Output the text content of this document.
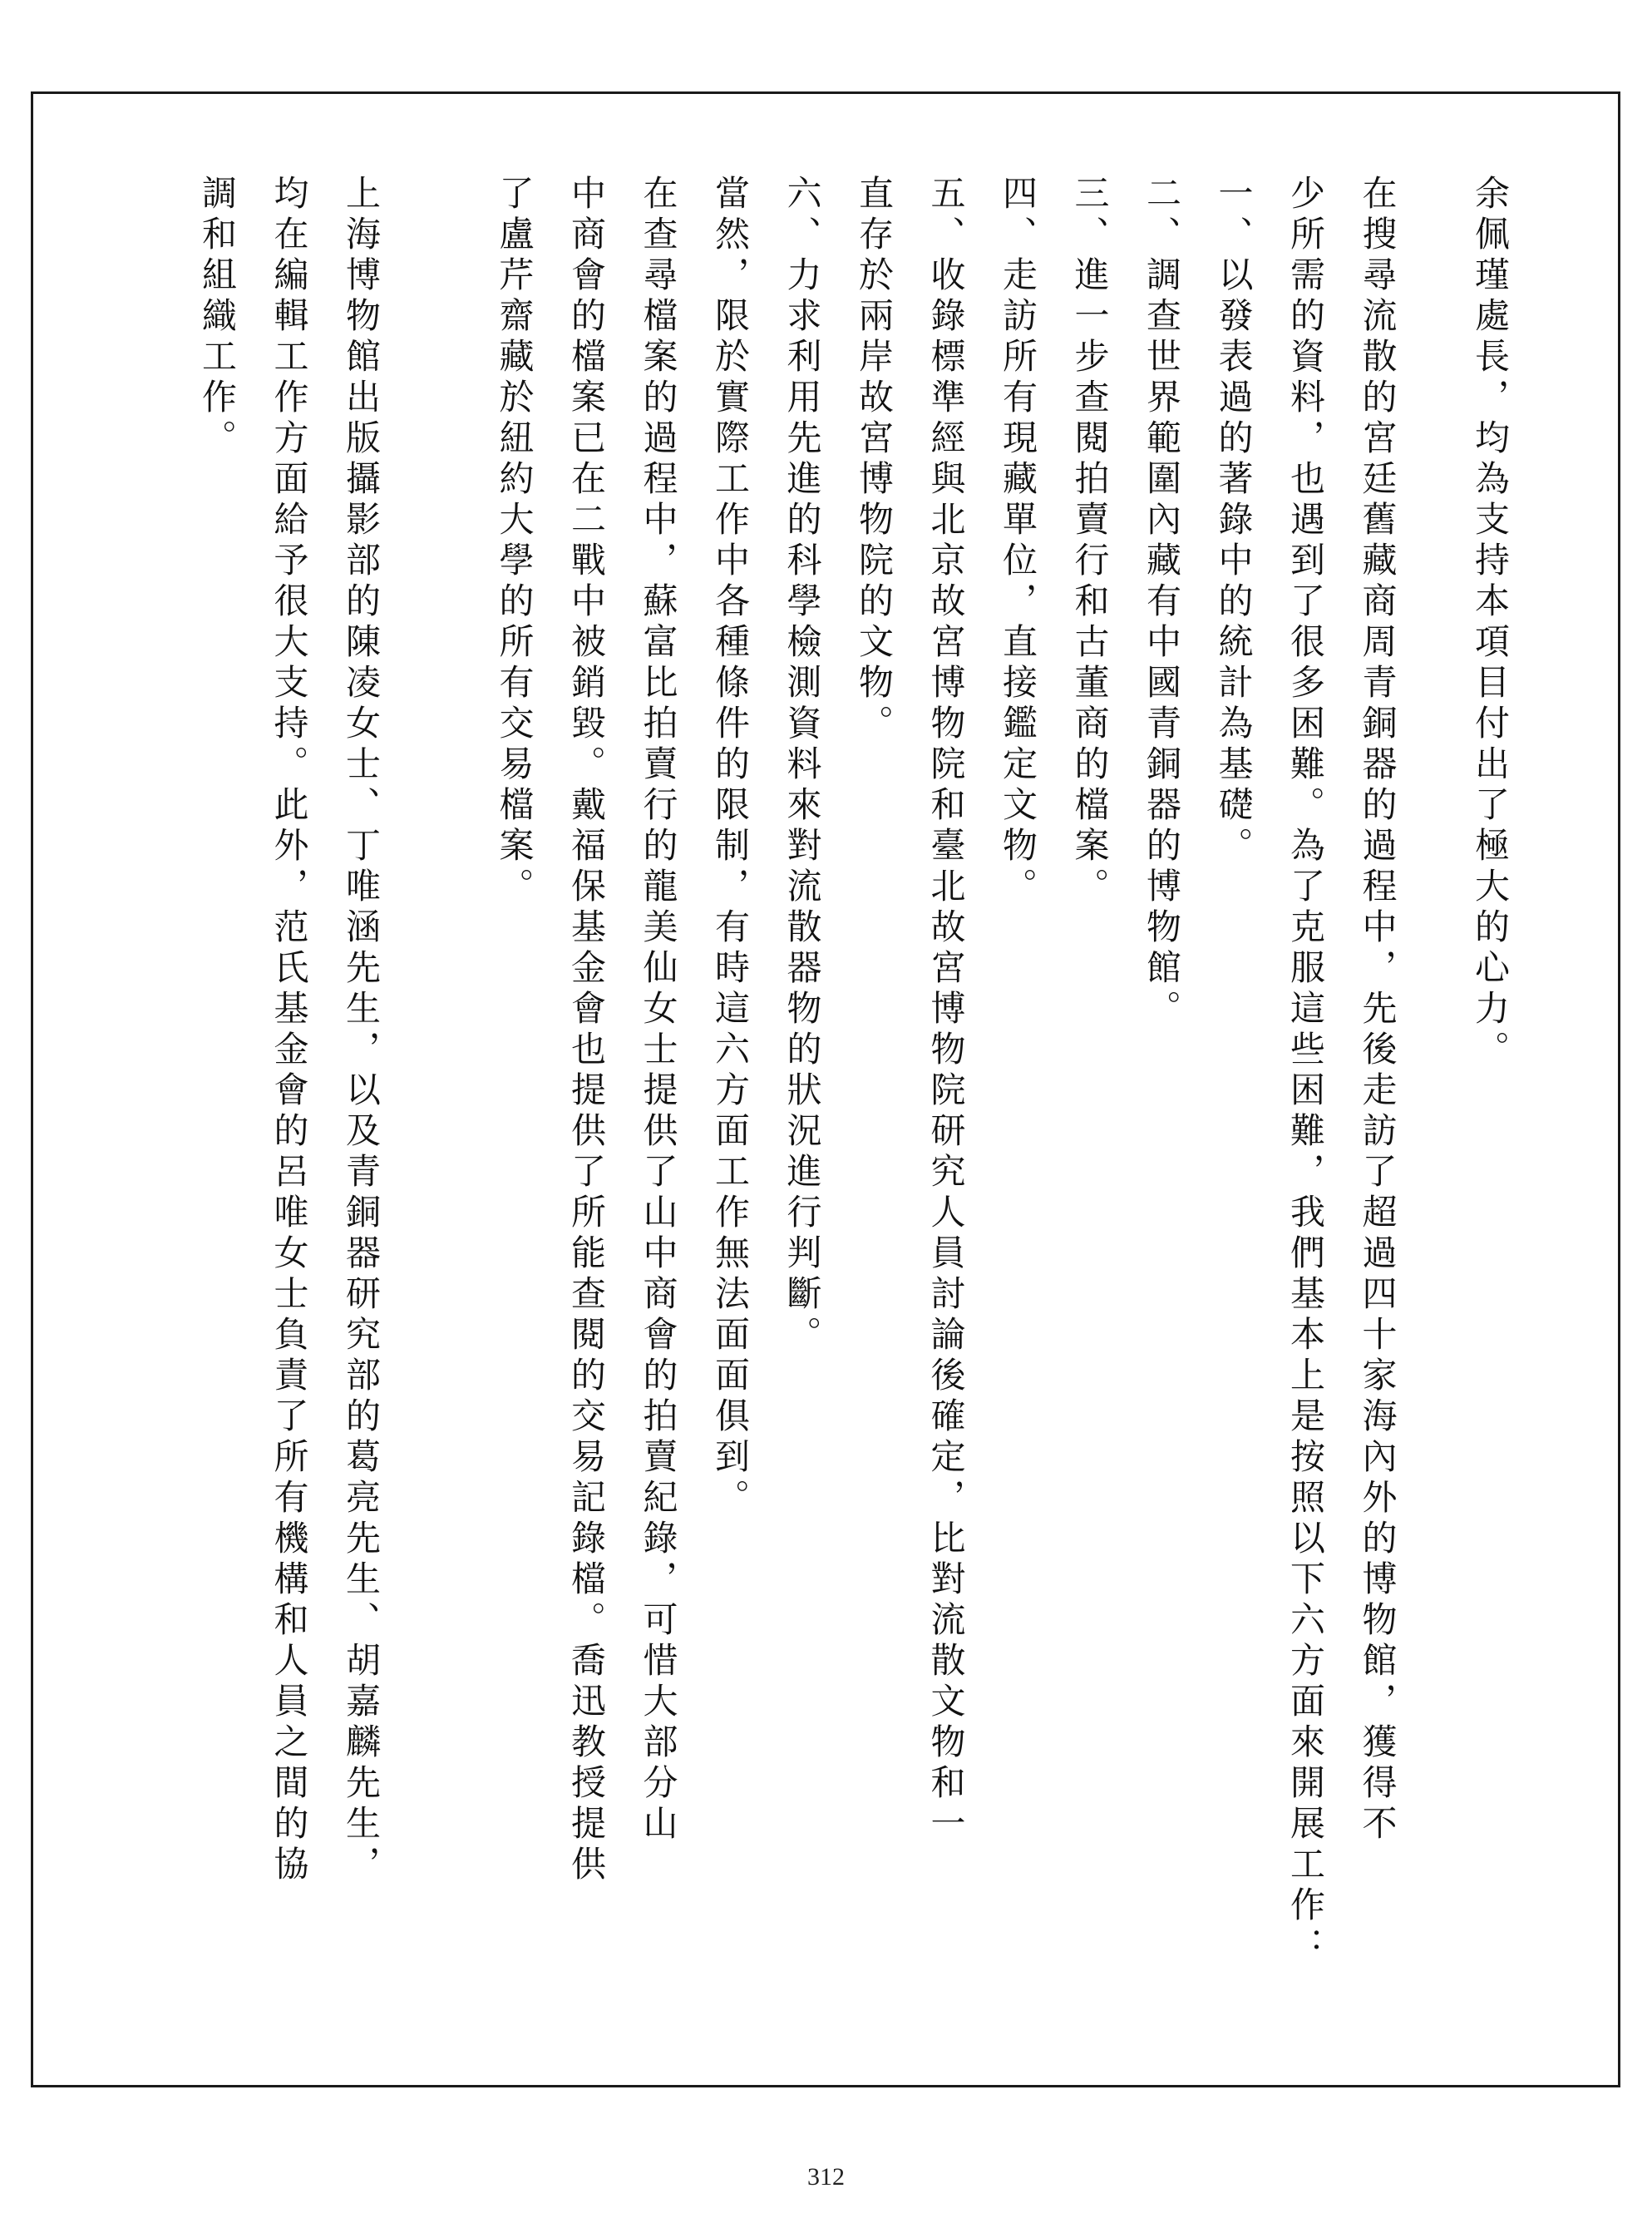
余佩瑾處長，均為支持本項目付出了極大的心力。

在搜尋流散的宮廷舊藏商周青銅器的過程中，先後走訪了超過四十家海內外的博物館，獲得不

少所需的資料，也遇到了很多困難。為了克服這些困難，我們基本上是按照以下六方面來開展工作：

一、以發表過的著錄中的統計為基礎。

二、調查世界範圍內藏有中國青銅器的博物館。

三、進一步查閱拍賣行和古董商的檔案。

四、走訪所有現藏單位，直接鑑定文物。

五、收錄標準經與北京故宮博物院和臺北故宮博物院研究人員討論後確定，比對流散文物和一

直存於兩岸故宮博物院的文物。

六、力求利用先進的科學檢測資料來對流散器物的狀況進行判斷。

當然，限於實際工作中各種條件的限制，有時這六方面工作無法面面俱到。

在查尋檔案的過程中，蘇富比拍賣行的龍美仙女士提供了山中商會的拍賣紀錄，可惜大部分山

中商會的檔案已在二戰中被銷毀。戴福保基金會也提供了所能查閱的交易記錄檔。喬迅教授提供

了盧芹齋藏於紐約大學的所有交易檔案。

上海博物館出版攝影部的陳凌女士、丁唯涵先生，以及青銅器研究部的葛亮先生、胡嘉麟先生，

均在編輯工作方面給予很大支持。此外，范氏基金會的呂唯女士負責了所有機構和人員之間的協

調和組織工作。

312
